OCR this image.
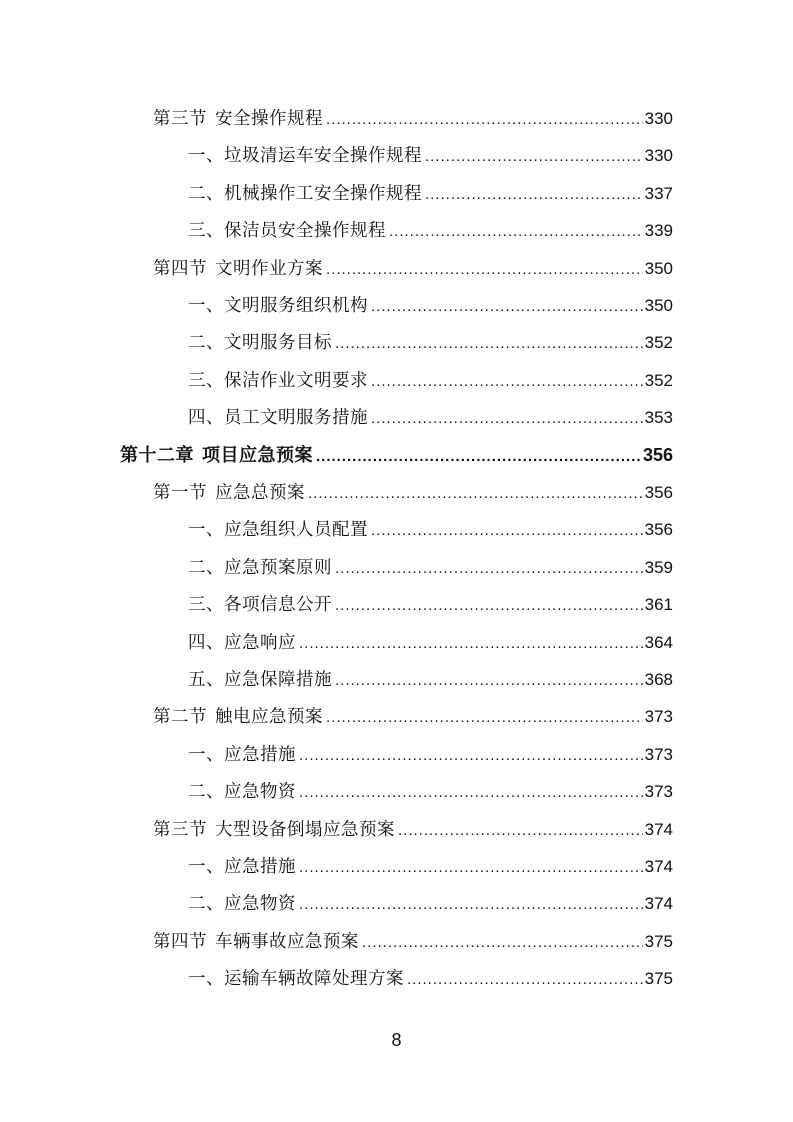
第三节 安全操作规程 .....	330
一、垃圾清运车安全操作规程 .....	330
二、机械操作工安全操作规程 .....	337
三、保洁员安全操作规程 .....	339
第四节 文明作业方案 .....	350
一、文明服务组织机构 .....	350
二、文明服务目标 .....	352
三、保洁作业文明要求 .....	352
四、员工文明服务措施 .....	353
第十二章 项目应急预案 .....	356
第一节 应急总预案 .....	356
一、应急组织人员配置 .....	356
二、应急预案原则 .....	359
三、各项信息公开 .....	361
四、应急响应 .....	364
五、应急保障措施 .....	368
第二节 触电应急预案 .....	373
一、应急措施 .....	373
二、应急物资 .....	373
第三节 大型设备倒塌应急预案 .....	374
一、应急措施 .....	374
二、应急物资 .....	374
第四节 车辆事故应急预案 .....	375
一、运输车辆故障处理方案 .....	375
8
